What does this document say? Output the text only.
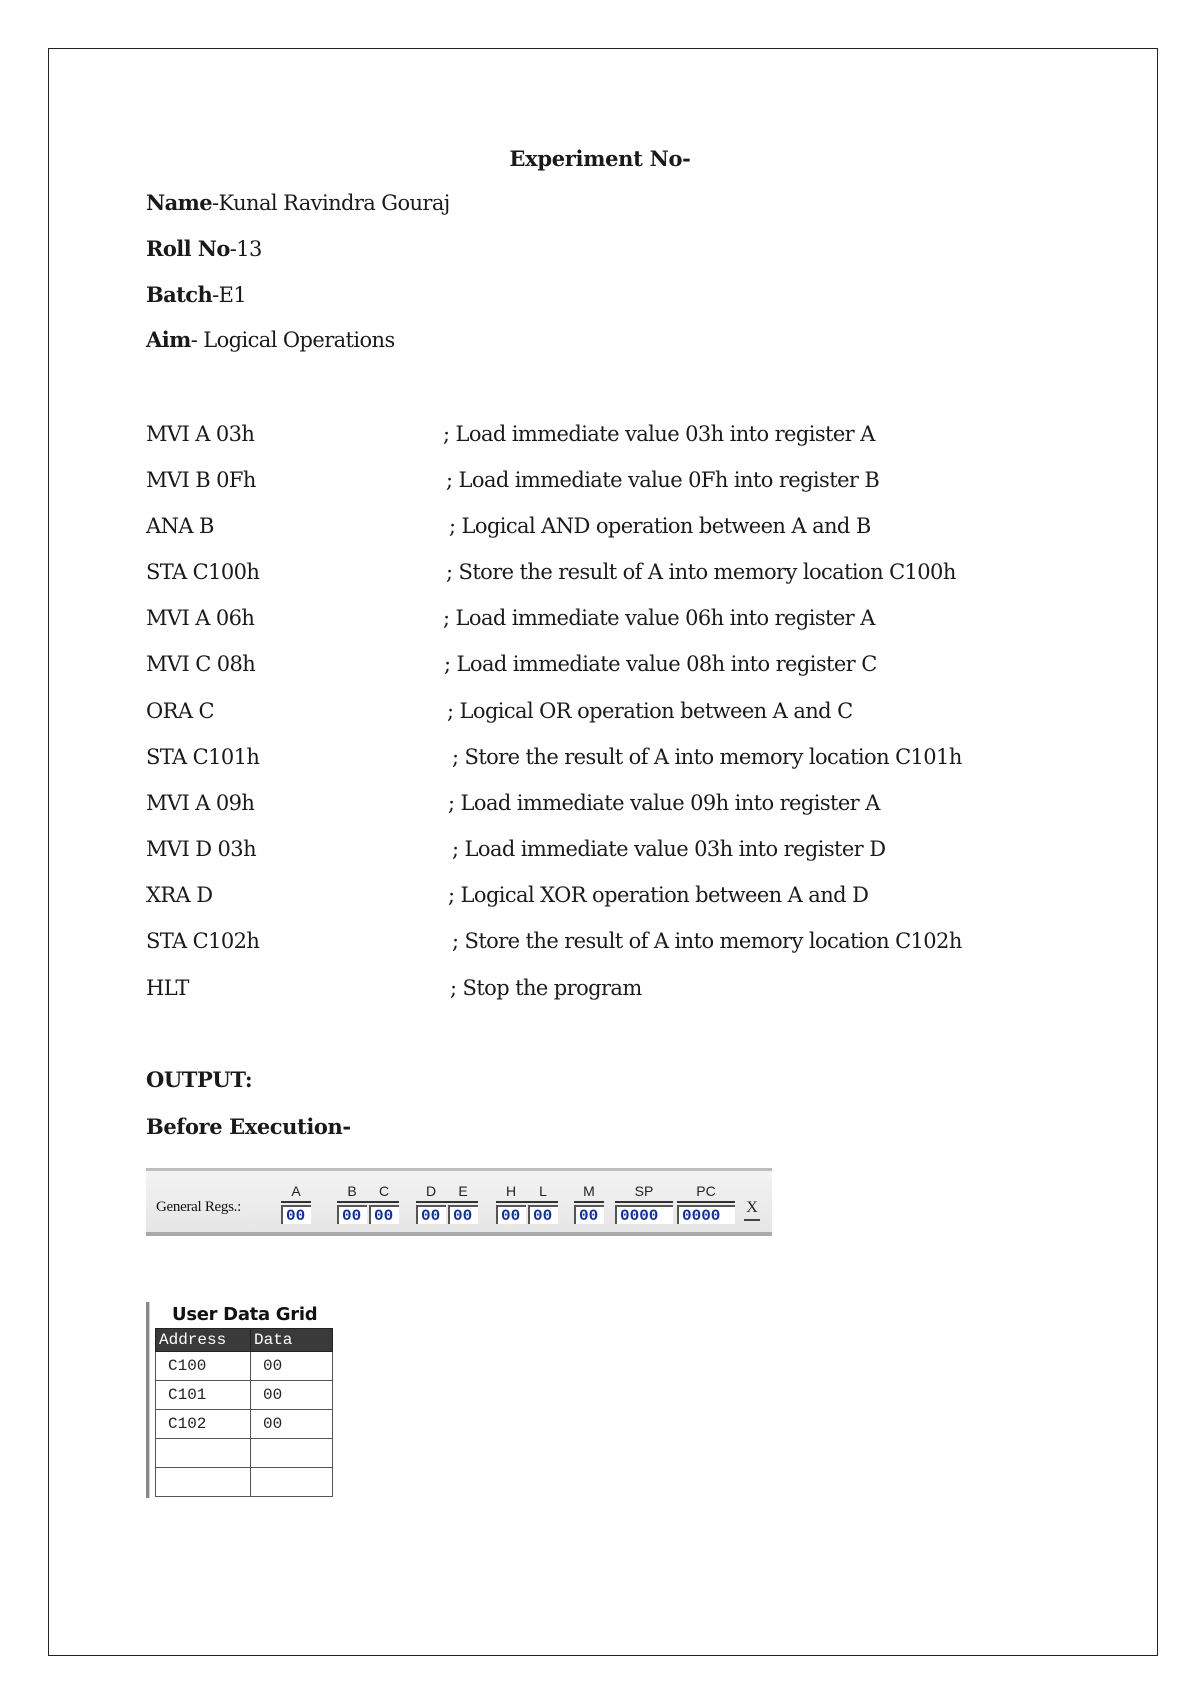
Experiment No-
Name-Kunal Ravindra Gouraj
Roll No-13
Batch-E1
Aim- Logical Operations
MVI A 03h	; Load immediate value 03h into register A
MVI B 0Fh	; Load immediate value 0Fh into register B
ANA B	; Logical AND operation between A and B
STA C100h	; Store the result of A into memory location C100h
MVI A 06h	; Load immediate value 06h into register A
MVI C 08h	; Load immediate value 08h into register C
ORA C	; Logical OR operation between A and C
STA C101h	; Store the result of A into memory location C101h
MVI A 09h	; Load immediate value 09h into register A
MVI D 03h	; Load immediate value 03h into register D
XRA D	; Logical XOR operation between A and D
STA C102h	; Store the result of A into memory location C102h
HLT	; Stop the program
OUTPUT:
Before Execution-
General Regs.:
A
00
B
00
C
00
D
00
E
00
H
00
L
00
M
00
SP
0000
PC
0000	X
User Data Grid
Address	Data
C100	00
C101	00
C102	00
